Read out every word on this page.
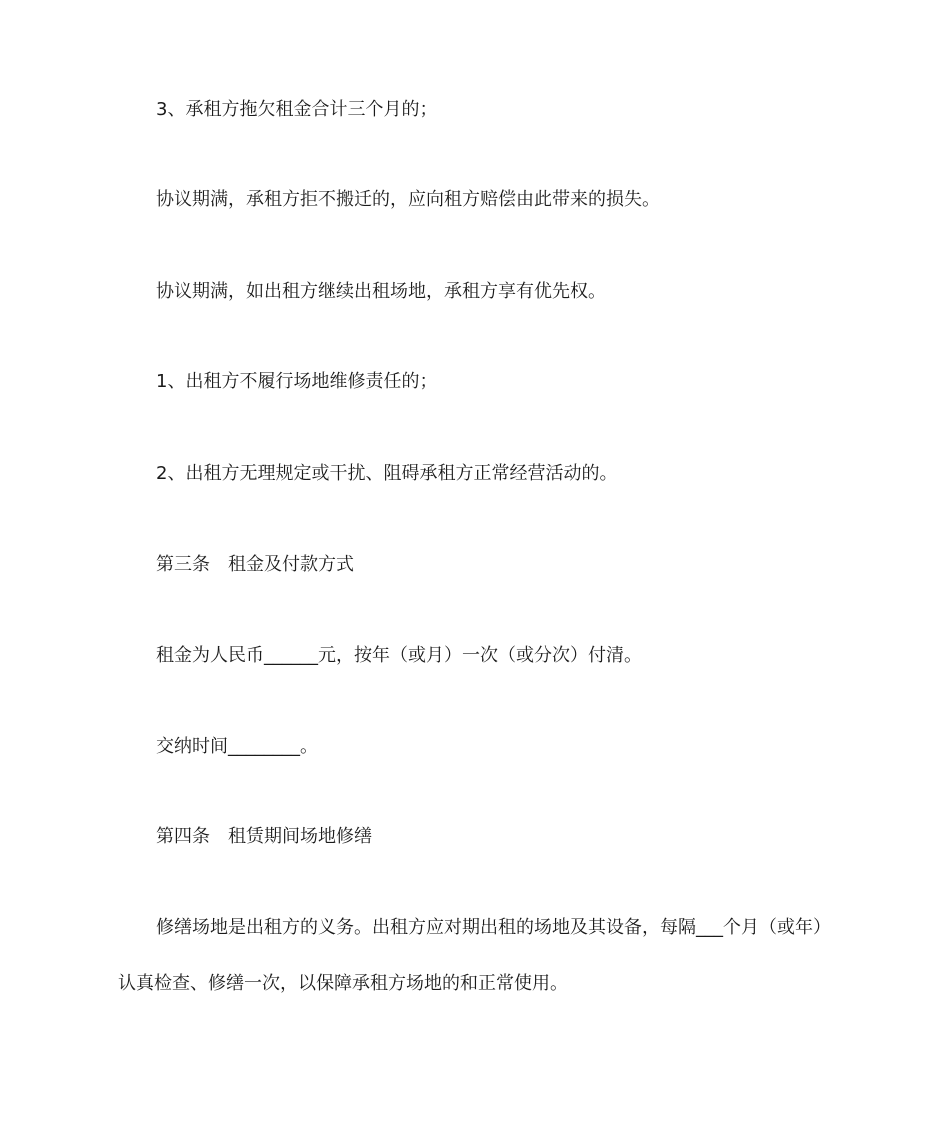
3、承租方拖欠租金合计三个月的；
协议期满，承租方拒不搬迁的，应向租方赔偿由此带来的损失。
协议期满，如出租方继续出租场地，承租方享有优先权。
1、出租方不履行场地维修责任的；
2、出租方无理规定或干扰、阻碍承租方正常经营活动的。
第三条　租金及付款方式
租金为人民币______元，按年（或月）一次（或分次）付清。
交纳时间________。
第四条　租赁期间场地修缮
修缮场地是出租方的义务。出租方应对期出租的场地及其设备，每隔___个月（或年）认真检查、修缮一次，以保障承租方场地的和正常使用。
